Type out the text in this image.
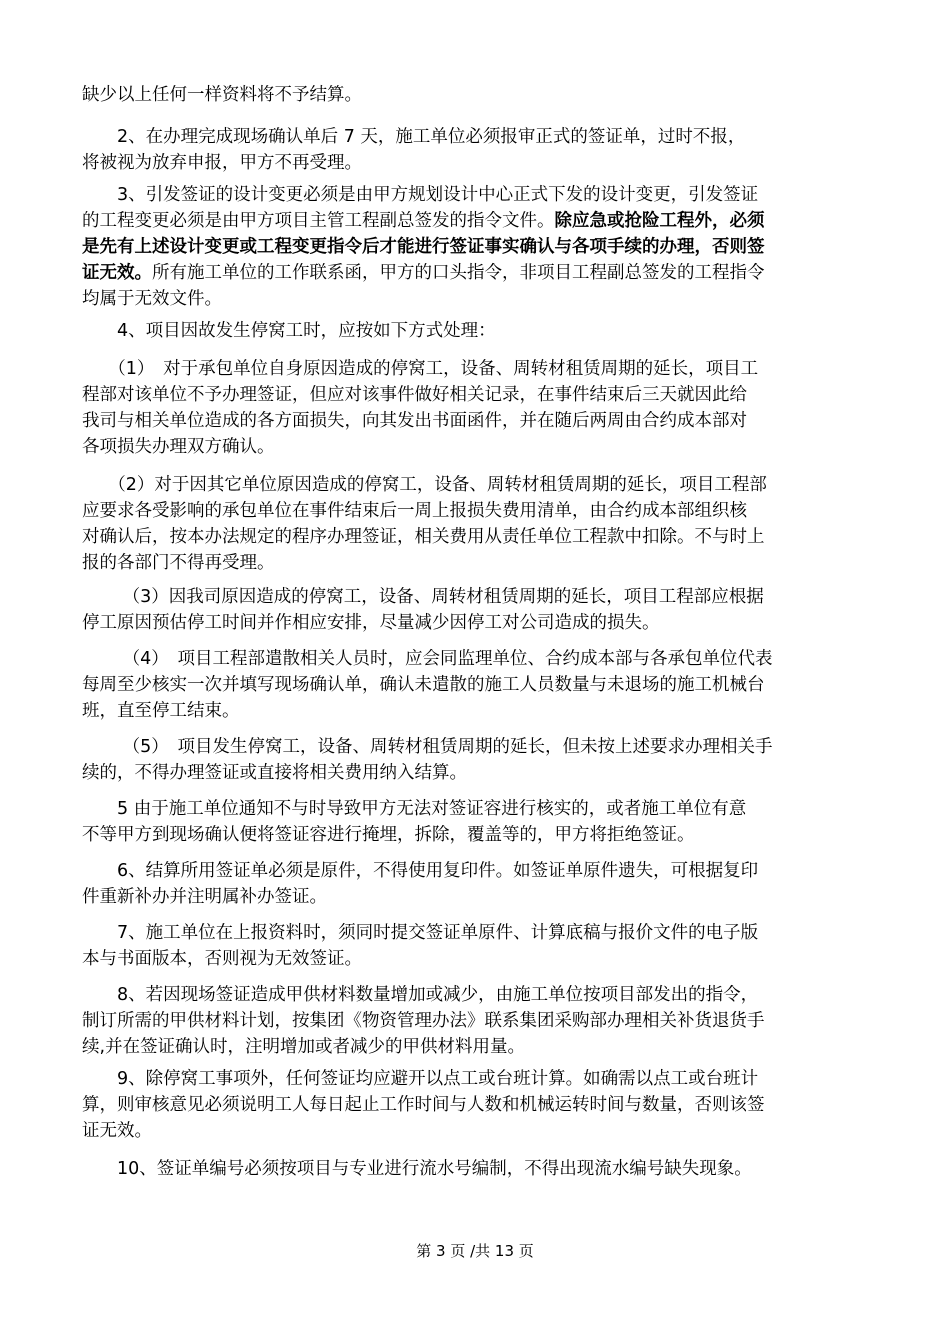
缺少以上任何一样资料将不予结算。
　　2、在办理完成现场确认单后 7 天，施工单位必须报审正式的签证单，过时不报，
将被视为放弃申报，甲方不再受理。
　　3、引发签证的设计变更必须是由甲方规划设计中心正式下发的设计变更，引发签证
的工程变更必须是由甲方项目主管工程副总签发的指令文件。除应急或抢险工程外，必须
是先有上述设计变更或工程变更指令后才能进行签证事实确认与各项手续的办理，否则签
证无效。所有施工单位的工作联系函，甲方的口头指令，非项目工程副总签发的工程指令
均属于无效文件。
　　4、项目因故发生停窝工时，应按如下方式处理：
　　（1）　对于承包单位自身原因造成的停窝工，设备、周转材租赁周期的延长，项目工
程部对该单位不予办理签证，但应对该事件做好相关记录，在事件结束后三天就因此给
我司与相关单位造成的各方面损失，向其发出书面函件，并在随后两周由合约成本部对
各项损失办理双方确认。
　　（2）对于因其它单位原因造成的停窝工，设备、周转材租赁周期的延长，项目工程部
应要求各受影响的承包单位在事件结束后一周上报损失费用清单，由合约成本部组织核
对确认后，按本办法规定的程序办理签证，相关费用从责任单位工程款中扣除。不与时上
报的各部门不得再受理。
　　 （3）因我司原因造成的停窝工，设备、周转材租赁周期的延长，项目工程部应根据
停工原因预估停工时间并作相应安排，尽量减少因停工对公司造成的损失。
　　 （4）　项目工程部遣散相关人员时，应会同监理单位、合约成本部与各承包单位代表
每周至少核实一次并填写现场确认单，确认未遣散的施工人员数量与未退场的施工机械台
班，直至停工结束。
　　 （5）　项目发生停窝工，设备、周转材租赁周期的延长，但未按上述要求办理相关手
续的，不得办理签证或直接将相关费用纳入结算。
　　5 由于施工单位通知不与时导致甲方无法对签证容进行核实的，或者施工单位有意
不等甲方到现场确认便将签证容进行掩埋，拆除，覆盖等的，甲方将拒绝签证。
　　6、结算所用签证单必须是原件，不得使用复印件。如签证单原件遗失，可根据复印
件重新补办并注明属补办签证。
　　7、施工单位在上报资料时，须同时提交签证单原件、计算底稿与报价文件的电子版
本与书面版本，否则视为无效签证。
　　8、若因现场签证造成甲供材料数量增加或减少，由施工单位按项目部发出的指令，
制订所需的甲供材料计划，按集团《物资管理办法》联系集团采购部办理相关补货退货手
续,并在签证确认时，注明增加或者减少的甲供材料用量。
　　9、除停窝工事项外，任何签证均应避开以点工或台班计算。如确需以点工或台班计
算，则审核意见必须说明工人每日起止工作时间与人数和机械运转时间与数量，否则该签
证无效。
　　10、签证单编号必须按项目与专业进行流水号编制，不得出现流水编号缺失现象。
第 3 页 /共 13 页
